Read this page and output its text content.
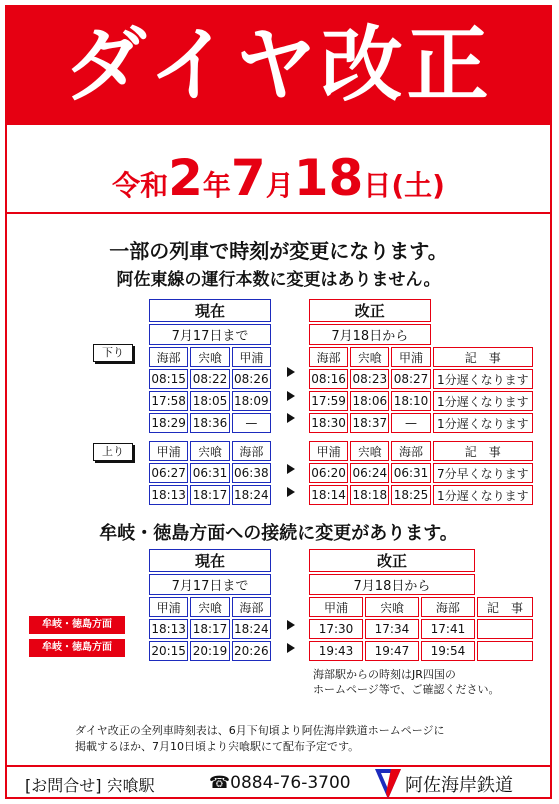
ダイヤ改正
令和2年7月18日(土)
一部の列車で時刻が変更になります。
阿佐東線の運行本数に変更はありません。
現在		
7月17日まで		
海部	宍喰	甲浦
08:15	08:22	08:26
17:58	18:05	18:09
18:29	18:36	—
改正			
7月18日から			
海部	宍喰	甲浦	記　事
08:16	08:23	08:27	1分遅くなります
17:59	18:06	18:10	1分遅くなります
18:30	18:37	—	1分遅くなります
下り
甲浦	宍喰	海部
06:27	06:31	06:38
18:13	18:17	18:24
甲浦	宍喰	海部	記　事
06:20	06:24	06:31	7分早くなります
18:14	18:18	18:25	1分遅くなります
上り
牟岐・徳島方面への接続に変更があります。
現在		
7月17日まで		
甲浦	宍喰	海部
18:13	18:17	18:24
20:15	20:19	20:26
改正			
7月18日から			
甲浦	宍喰	海部	記　事
17:30	17:34	17:41	
19:43	19:47	19:54	
牟岐・徳島方面
牟岐・徳島方面
海部駅からの時刻はJR四国の
ホームページ等で、ご確認ください。
ダイヤ改正の全列車時刻表は、6月下旬頃より阿佐海岸鉄道ホームページに
掲載するほか、7月10日頃より宍喰駅にて配布予定です。
[お問合せ] 宍喰駅	☎0884-76-3700	阿佐海岸鉄道
